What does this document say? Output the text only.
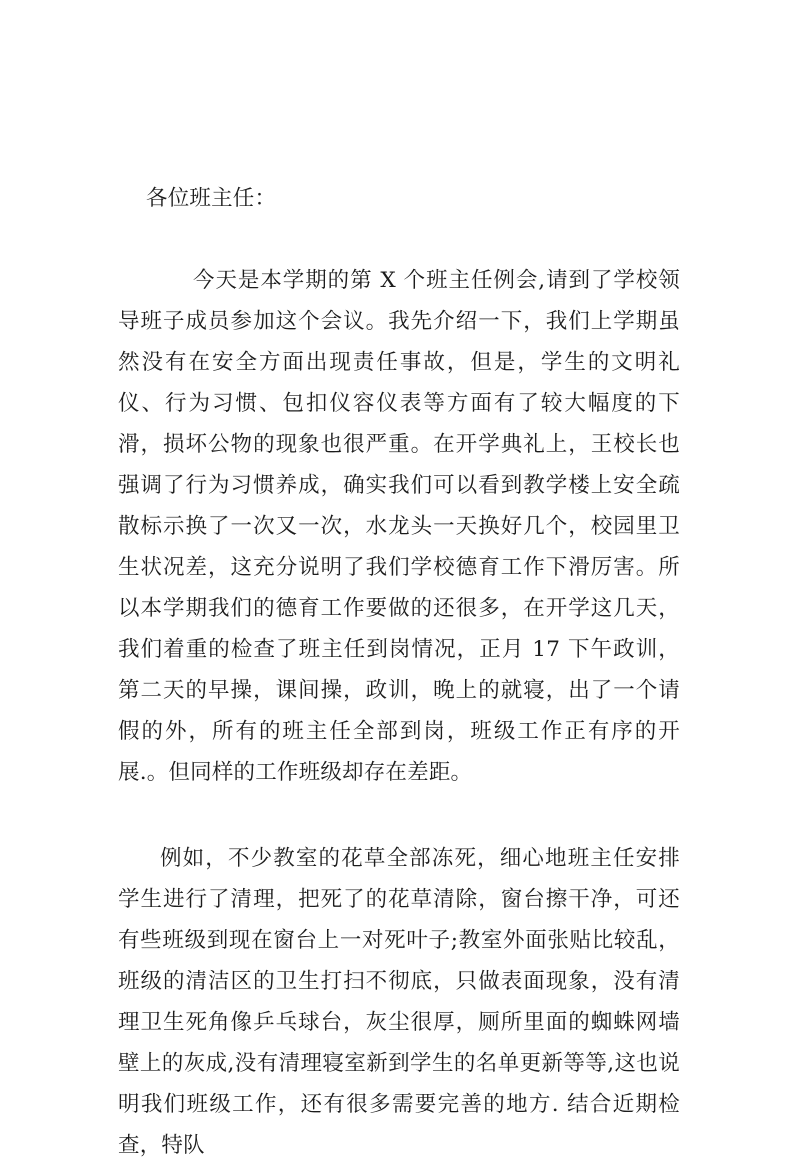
各位班主任：

今天是本学期的第 X 个班主任例会,请到了学校领导班子成员参加这个会议。我先介绍一下，我们上学期虽然没有在安全方面出现责任事故，但是，学生的文明礼仪、行为习惯、包扣仪容仪表等方面有了较大幅度的下滑，损坏公物的现象也很严重。在开学典礼上，王校长也强调了行为习惯养成，确实我们可以看到教学楼上安全疏散标示换了一次又一次，水龙头一天换好几个，校园里卫生状况差，这充分说明了我们学校德育工作下滑厉害。所以本学期我们的德育工作要做的还很多，在开学这几天，我们着重的检查了班主任到岗情况，正月 17 下午政训，第二天的早操，课间操，政训，晚上的就寝，出了一个请假的外，所有的班主任全部到岗，班级工作正有序的开展.。但同样的工作班级却存在差距。

例如，不少教室的花草全部冻死，细心地班主任安排学生进行了清理，把死了的花草清除，窗台擦干净，可还有些班级到现在窗台上一对死叶子;教室外面张贴比较乱，班级的清洁区的卫生打扫不彻底，只做表面现象，没有清理卫生死角像乒乓球台，灰尘很厚，厕所里面的蜘蛛网墙壁上的灰成,没有清理寝室新到学生的名单更新等等,这也说明我们班级工作，还有很多需要完善的地方. 结合近期检查，特队
